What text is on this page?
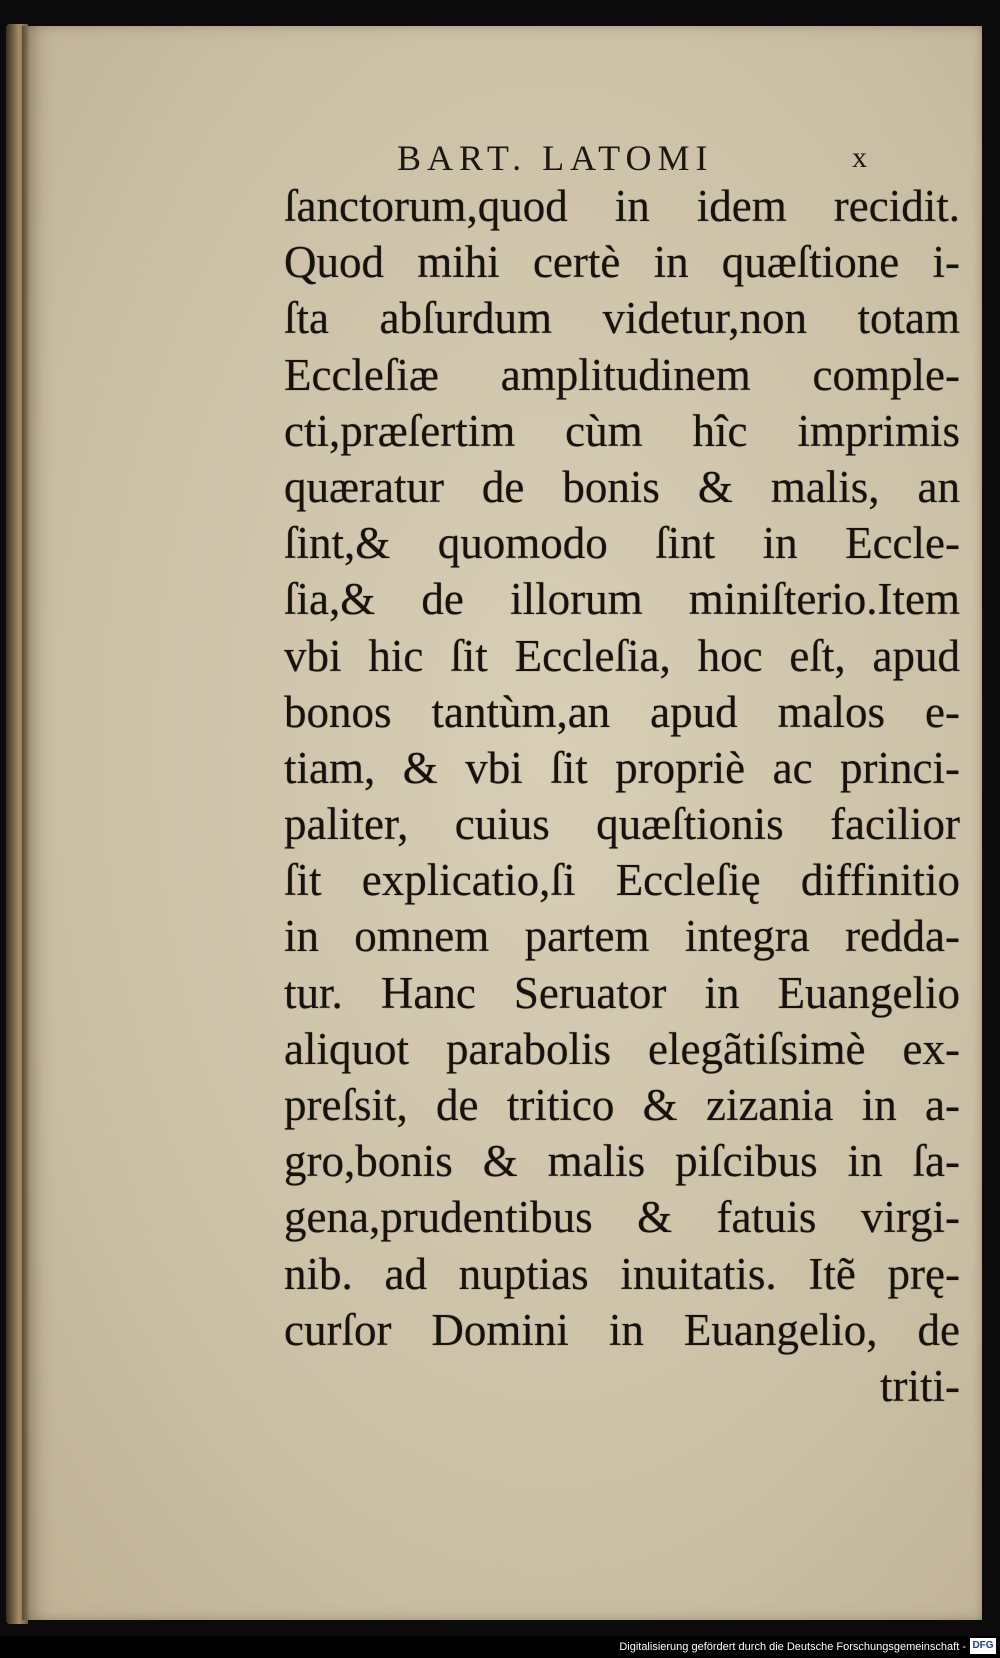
BART. LATOMI	x
ſanctorum,quod in idem recidit.
Quod mihi certè in quæſtione i-
ſta abſurdum videtur,non totam
Eccleſiæ amplitudinem comple-
cti,præſertim cùm hîc imprimis
quæratur de bonis & malis, an
ſint,& quomodo ſint in Eccle-
ſia,& de illorum miniſterio.Item
vbi hic ſit Eccleſia, hoc eſt, apud
bonos tantùm,an apud malos e-
tiam, & vbi ſit propriè ac princi-
paliter, cuius quæſtionis facilior
ſit explicatio,ſi Eccleſię diffinitio
in omnem partem integra redda-
tur. Hanc Seruator in Euangelio
aliquot parabolis elegãtiſsimè ex-
preſsit, de tritico & zizania in a-
gro,bonis & malis piſcibus in ſa-
gena,prudentibus & fatuis virgi-
nib. ad nuptias inuitatis. Itẽ prę-
curſor Domini in Euangelio, de
triti-
Digitalisierung gefördert durch die Deutsche Forschungsgemeinschaft - DFG
